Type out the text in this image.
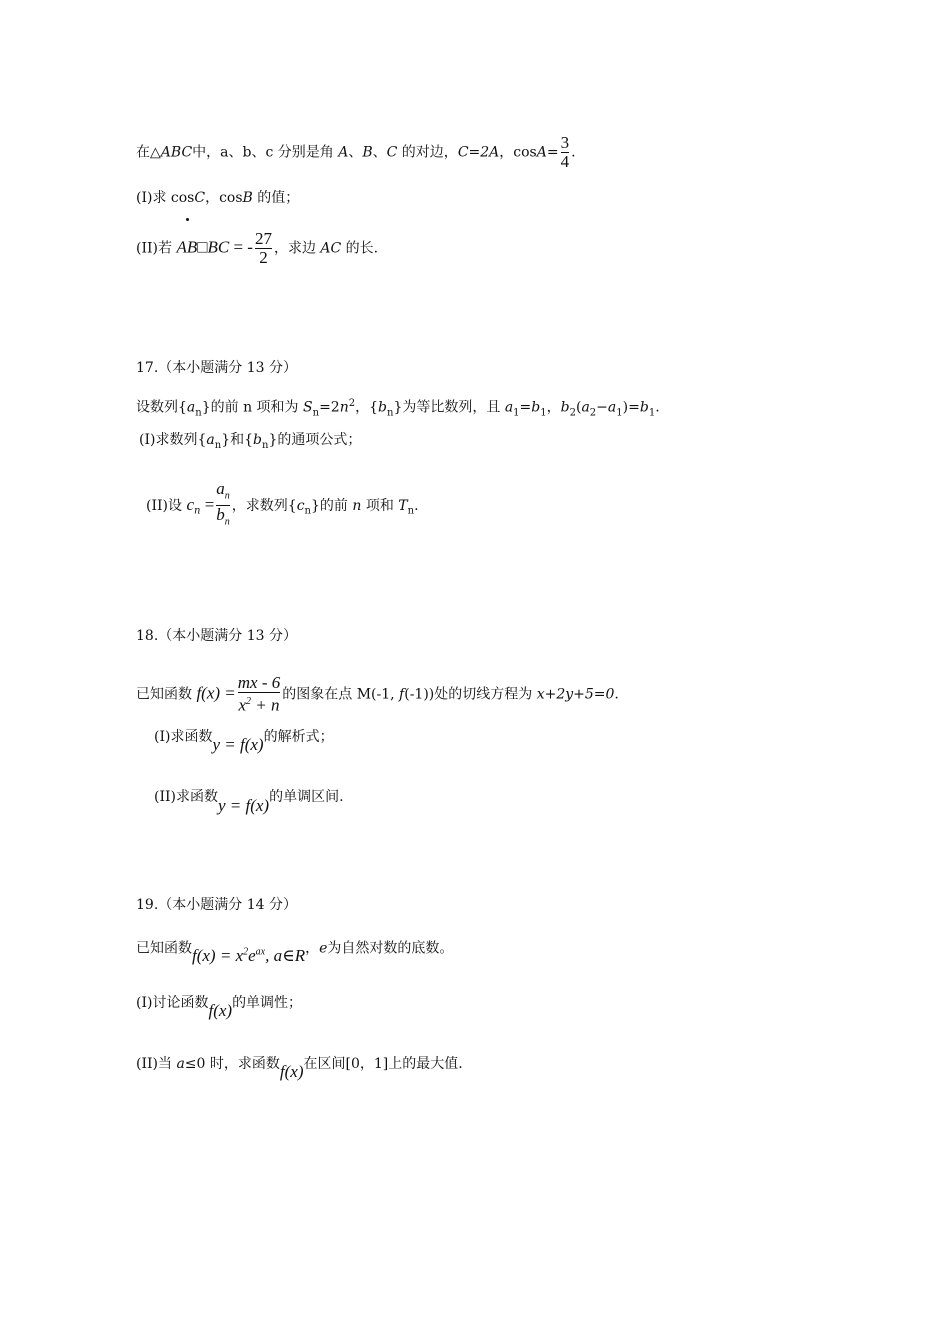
在△ABC中，a、b、c 分别是角 A、B、C 的对边，C=2A，$\cos A= \frac{3}{4}$ .
(I)求 cosC，cosB 的值；
(II)若 AB□BC = - $\frac{27}{2}$ ，求边 AC 的长.
17.（本小题满分 13 分）
设数列$\{a_n\}$的前 n 项和为 $S_n=2n^2$，$\{b_n\}$为等比数列，且 $a_1=b_1$，$b_2(a_2-a_1)=b_1$.
(I)求数列$\{a_n\}$和$\{b_n\}$的通项公式；
(II)设 $c_n = \frac{a_n}{b_n}$ ，求数列$\{c_n\}$的前 n 项和 $T_n$.
18.（本小题满分 13 分）
已知函数 $f(x) = \frac{mx - 6}{x^2 + n}$ 的图象在点 M(-1, f(-1))处的切线方程为 x+2y+5=0.
(I)求函数y = f(x)的解析式；
(II)求函数y = f(x)的单调区间.
19.（本小题满分 14 分）
已知函数$f(x) = x^2e^{ax}$, a∈R，e为自然对数的底数。
(I)讨论函数f(x)的单调性；
(II)当 a≤0 时，求函数f(x)在区间[0，1]上的最大值.
